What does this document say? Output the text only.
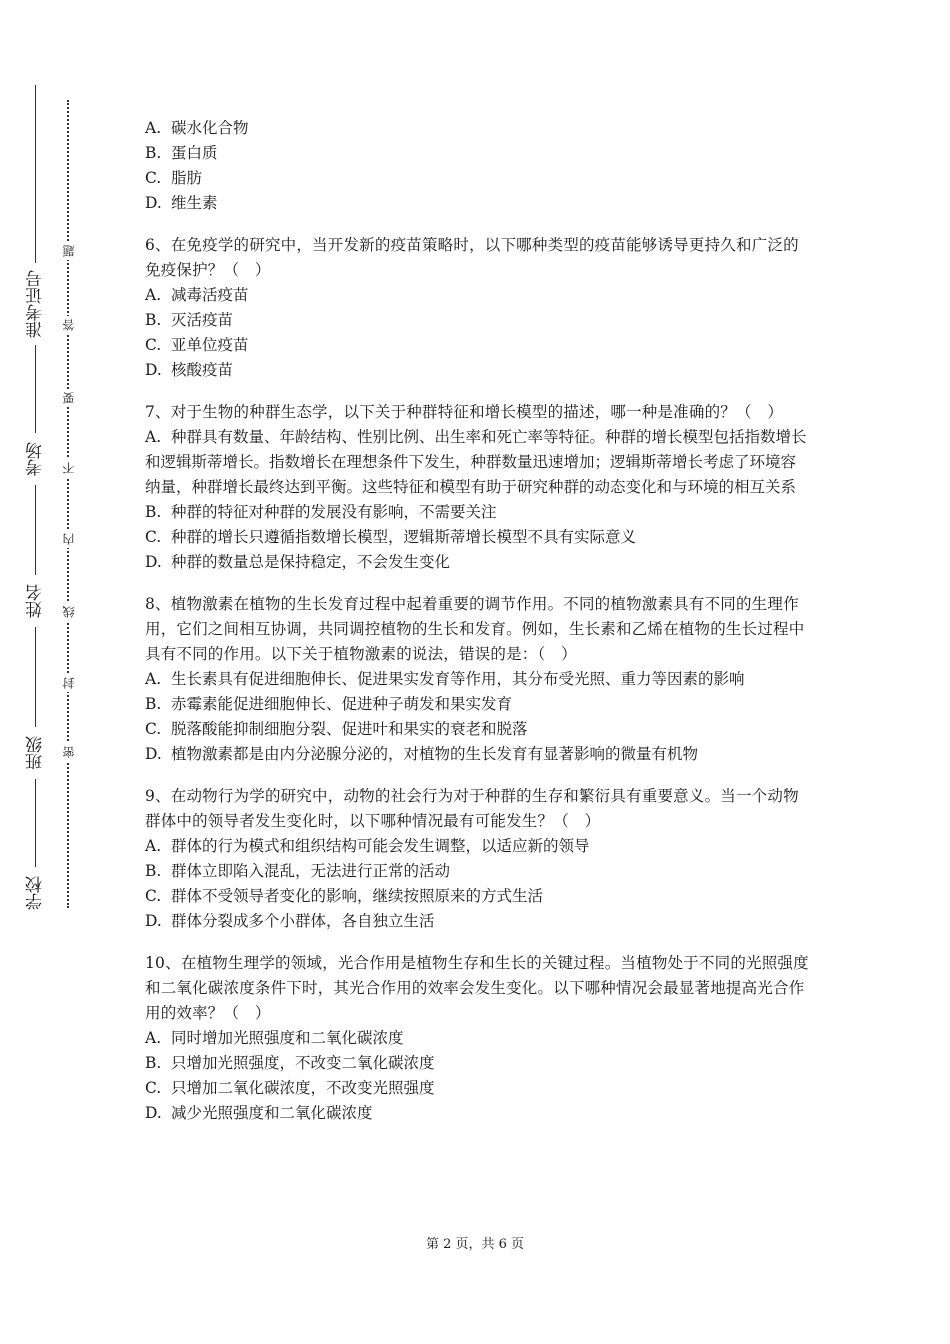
准考证号
考场
姓名
班级
学校
题
答
要
不
内
线
封
密
A. 碳水化合物
B. 蛋白质
C. 脂肪
D. 维生素
6、在免疫学的研究中，当开发新的疫苗策略时，以下哪种类型的疫苗能够诱导更持久和广泛的免疫保护？（　）
A. 减毒活疫苗
B. 灭活疫苗
C. 亚单位疫苗
D. 核酸疫苗
7、对于生物的种群生态学，以下关于种群特征和增长模型的描述，哪一种是准确的？（　）
A. 种群具有数量、年龄结构、性别比例、出生率和死亡率等特征。种群的增长模型包括指数增长和逻辑斯蒂增长。指数增长在理想条件下发生，种群数量迅速增加；逻辑斯蒂增长考虑了环境容纳量，种群增长最终达到平衡。这些特征和模型有助于研究种群的动态变化和与环境的相互关系
B. 种群的特征对种群的发展没有影响，不需要关注
C. 种群的增长只遵循指数增长模型，逻辑斯蒂增长模型不具有实际意义
D. 种群的数量总是保持稳定，不会发生变化
8、植物激素在植物的生长发育过程中起着重要的调节作用。不同的植物激素具有不同的生理作用，它们之间相互协调，共同调控植物的生长和发育。例如，生长素和乙烯在植物的生长过程中具有不同的作用。以下关于植物激素的说法，错误的是：（　）
A. 生长素具有促进细胞伸长、促进果实发育等作用，其分布受光照、重力等因素的影响
B. 赤霉素能促进细胞伸长、促进种子萌发和果实发育
C. 脱落酸能抑制细胞分裂、促进叶和果实的衰老和脱落
D. 植物激素都是由内分泌腺分泌的，对植物的生长发育有显著影响的微量有机物
9、在动物行为学的研究中，动物的社会行为对于种群的生存和繁衍具有重要意义。当一个动物群体中的领导者发生变化时，以下哪种情况最有可能发生？（　）
A. 群体的行为模式和组织结构可能会发生调整，以适应新的领导
B. 群体立即陷入混乱，无法进行正常的活动
C. 群体不受领导者变化的影响，继续按照原来的方式生活
D. 群体分裂成多个小群体，各自独立生活
10、在植物生理学的领域，光合作用是植物生存和生长的关键过程。当植物处于不同的光照强度和二氧化碳浓度条件下时，其光合作用的效率会发生变化。以下哪种情况会最显著地提高光合作用的效率？（　）
A. 同时增加光照强度和二氧化碳浓度
B. 只增加光照强度，不改变二氧化碳浓度
C. 只增加二氧化碳浓度，不改变光照强度
D. 减少光照强度和二氧化碳浓度
第 2 页，共 6 页
